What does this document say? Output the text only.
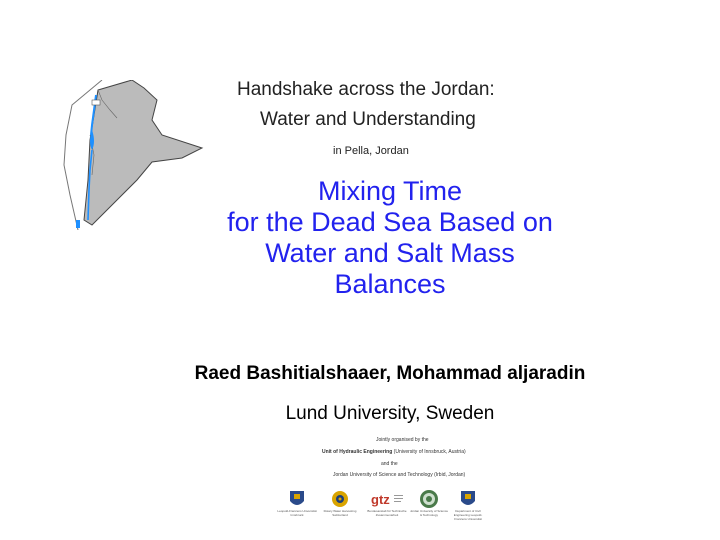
Handshake across the Jordan:
Water and Understanding
in Pella, Jordan
Mixing Time
for the Dead Sea Based on
Water and Salt Mass
Balances
Raed Bashitialshaaer, Mohammad aljaradin
Lund University, Sweden
Jointly organised by the
Unit of Hydraulic Engineering (University of Innsbruck, Austria)
and the
Jordan University of Science and Technology (Irbid, Jordan)
gtz
Leopold-Franzens Universität Innsbruck
Rotary Water Harvesting Switzerland
Bundesanstalt für Technische Zusammenarbeit
Jordan University of Science & Technology
Department of Civil Engineering Leopold-Franzens Universität
